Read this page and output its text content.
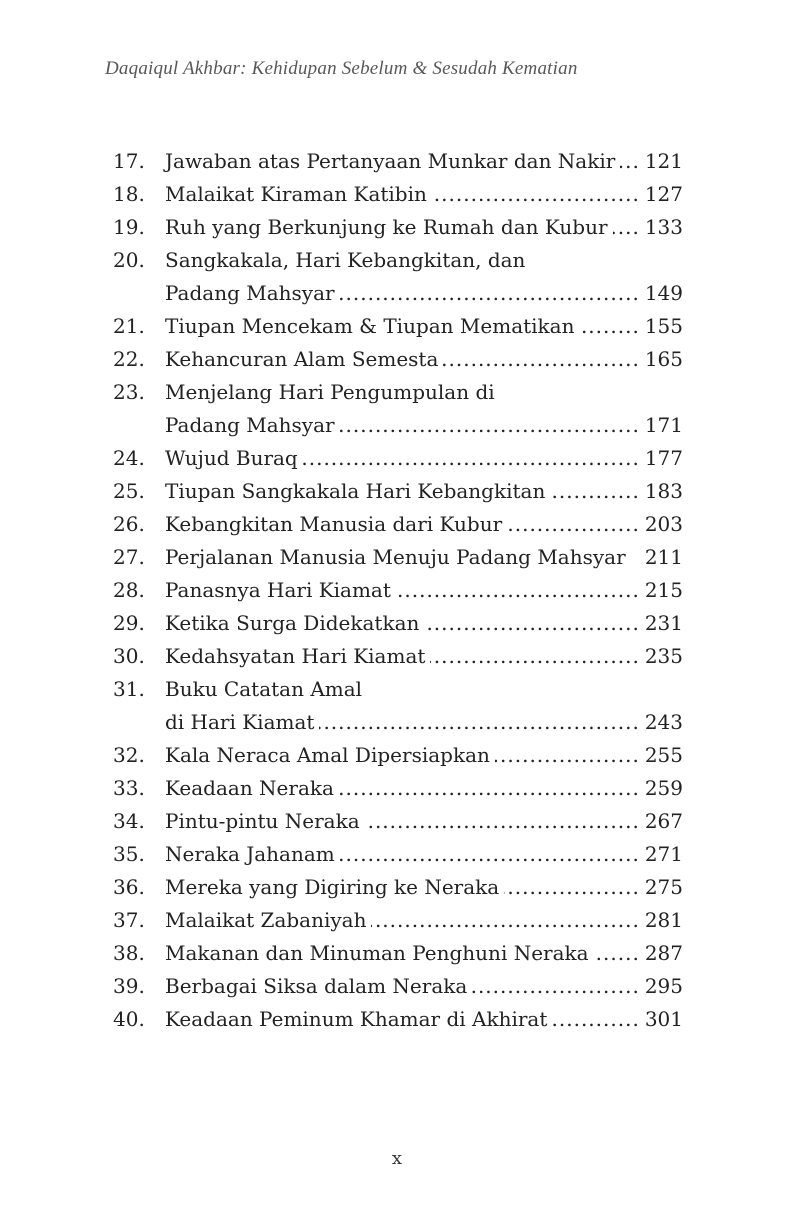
Daqaiqul Akhbar: Kehidupan Sebelum & Sesudah Kematian
17.	Jawaban atas Pertanyaan Munkar dan Nakir ..... 121
18.	Malaikat Kiraman Katibin .....	127
19.	Ruh yang Berkunjung ke Rumah dan Kubur ..... 133
20.	Sangkakala, Hari Kebangkitan, dan
Padang Mahsyar .....	149
21.	Tiupan Mencekam & Tiupan Mematikan .....	155
22.	Kehancuran Alam Semesta .....	165
23.	Menjelang Hari Pengumpulan di
Padang Mahsyar .....	171
24.	Wujud Buraq .....	177
25.	Tiupan Sangkakala Hari Kebangkitan .....	183
26.	Kebangkitan Manusia dari Kubur .....	203
27.	Perjalanan Manusia Menuju Padang Mahsyar 211
28.	Panasnya Hari Kiamat .....	215
29.	Ketika Surga Didekatkan .....	231
30.	Kedahsyatan Hari Kiamat .....	235
31.	Buku Catatan Amal
di Hari Kiamat .....	243
32.	Kala Neraca Amal Dipersiapkan .....	255
33.	Keadaan Neraka .....	259
34.	Pintu-pintu Neraka .....	267
35.	Neraka Jahanam .....	271
36.	Mereka yang Digiring ke Neraka .....	275
37.	Malaikat Zabaniyah .....	281
38.	Makanan dan Minuman Penghuni Neraka .....	287
39.	Berbagai Siksa dalam Neraka .....	295
40.	Keadaan Peminum Khamar di Akhirat .....	301
x
